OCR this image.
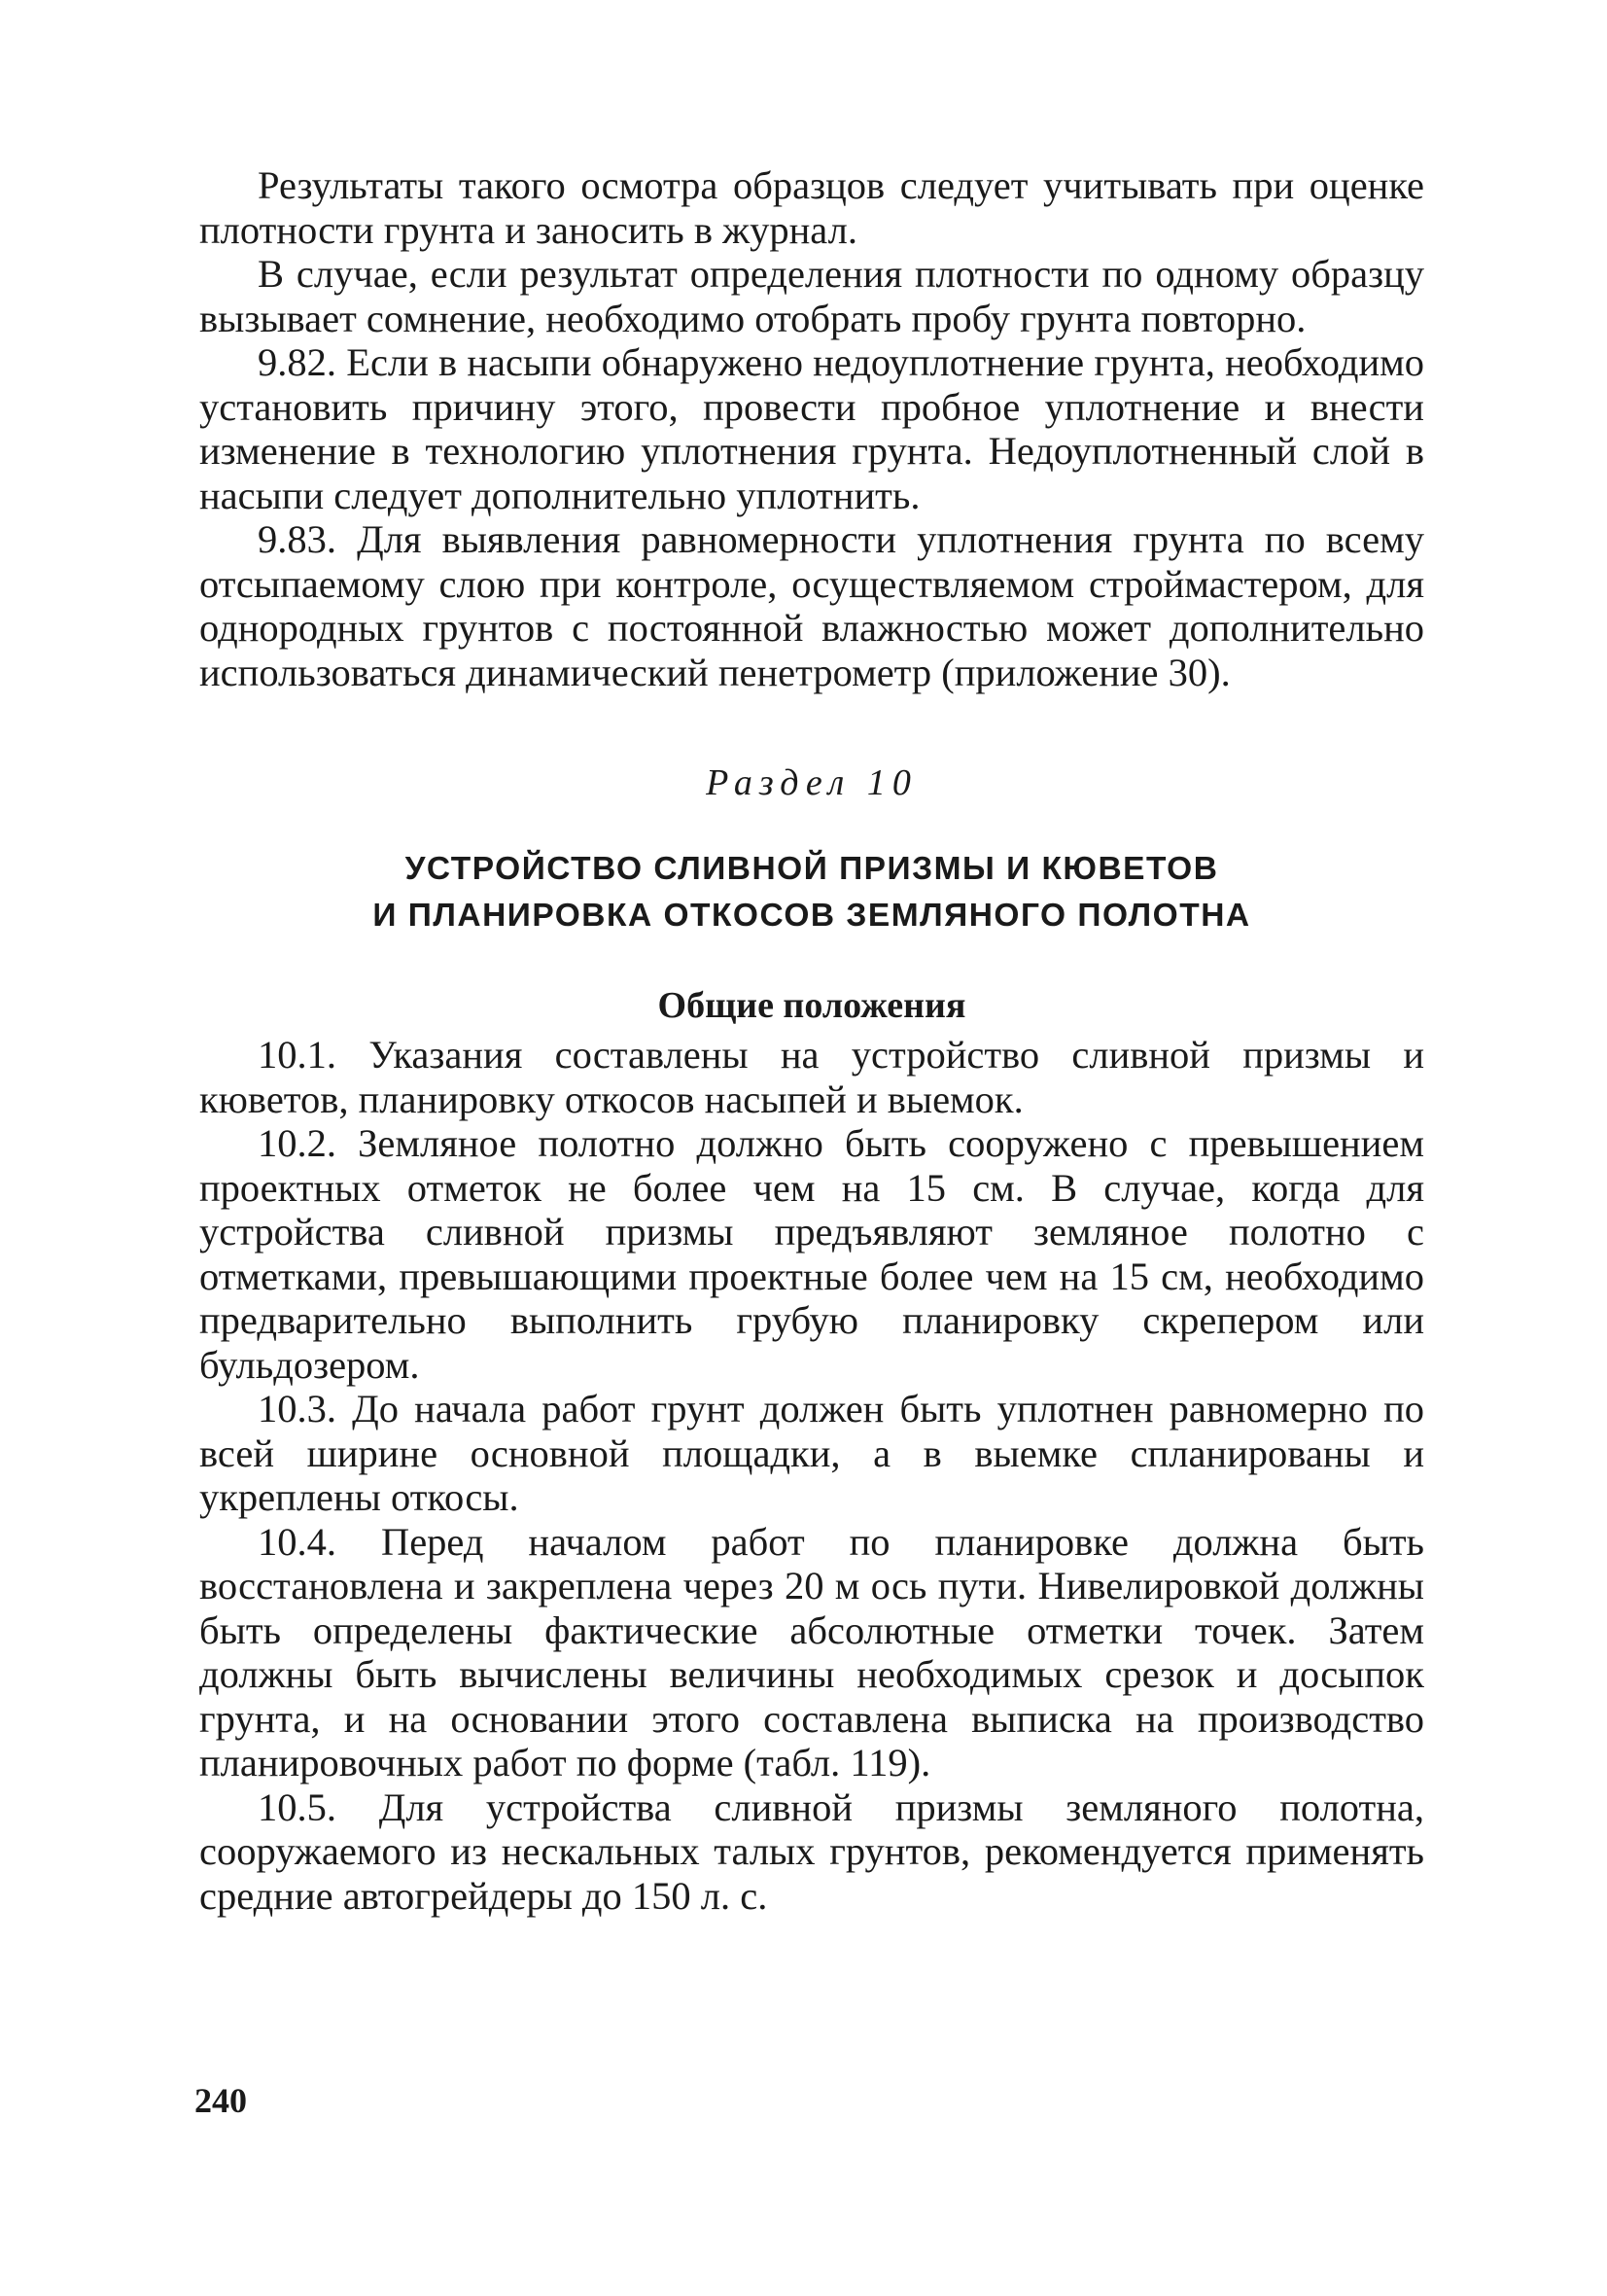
Результаты такого осмотра образцов следует учитывать при оценке плотности грунта и заносить в журнал.

В случае, если результат определения плотности по одному образцу вызывает сомнение, необходимо отобрать пробу грунта повторно.

9.82. Если в насыпи обнаружено недоуплотнение грунта, необходимо установить причину этого, провести пробное уплотнение и внести изменение в технологию уплотнения грунта. Недоуплотненный слой в насыпи следует дополнительно уплотнить.

9.83. Для выявления равномерности уплотнения грунта по всему отсыпаемому слою при контроле, осуществляемом строймастером, для однородных грунтов с постоянной влажностью может дополнительно использоваться динамический пенетрометр (приложение 30).

Раздел 10

УСТРОЙСТВО СЛИВНОЙ ПРИЗМЫ И КЮВЕТОВ

И ПЛАНИРОВКА ОТКОСОВ ЗЕМЛЯНОГО ПОЛОТНА

Общие положения

10.1. Указания составлены на устройство сливной призмы и кюветов, планировку откосов насыпей и выемок.

10.2. Земляное полотно должно быть сооружено с превышением проектных отметок не более чем на 15 см. В случае, когда для устройства сливной призмы предъявляют земляное полотно с отметками, превышающими проектные более чем на 15 см, необходимо предварительно выполнить грубую планировку скрепером или бульдозером.

10.3. До начала работ грунт должен быть уплотнен равномерно по всей ширине основной площадки, а в выемке спланированы и укреплены откосы.

10.4. Перед началом работ по планировке должна быть восстановлена и закреплена через 20 м ось пути. Нивелировкой должны быть определены фактические абсолютные отметки точек. Затем должны быть вычислены величины необходимых срезок и досыпок грунта, и на основании этого составлена выписка на производство планировочных работ по форме (табл. 119).

10.5. Для устройства сливной призмы земляного полотна, сооружаемого из нескальных талых грунтов, рекомендуется применять средние автогрейдеры до 150 л. с.

240
